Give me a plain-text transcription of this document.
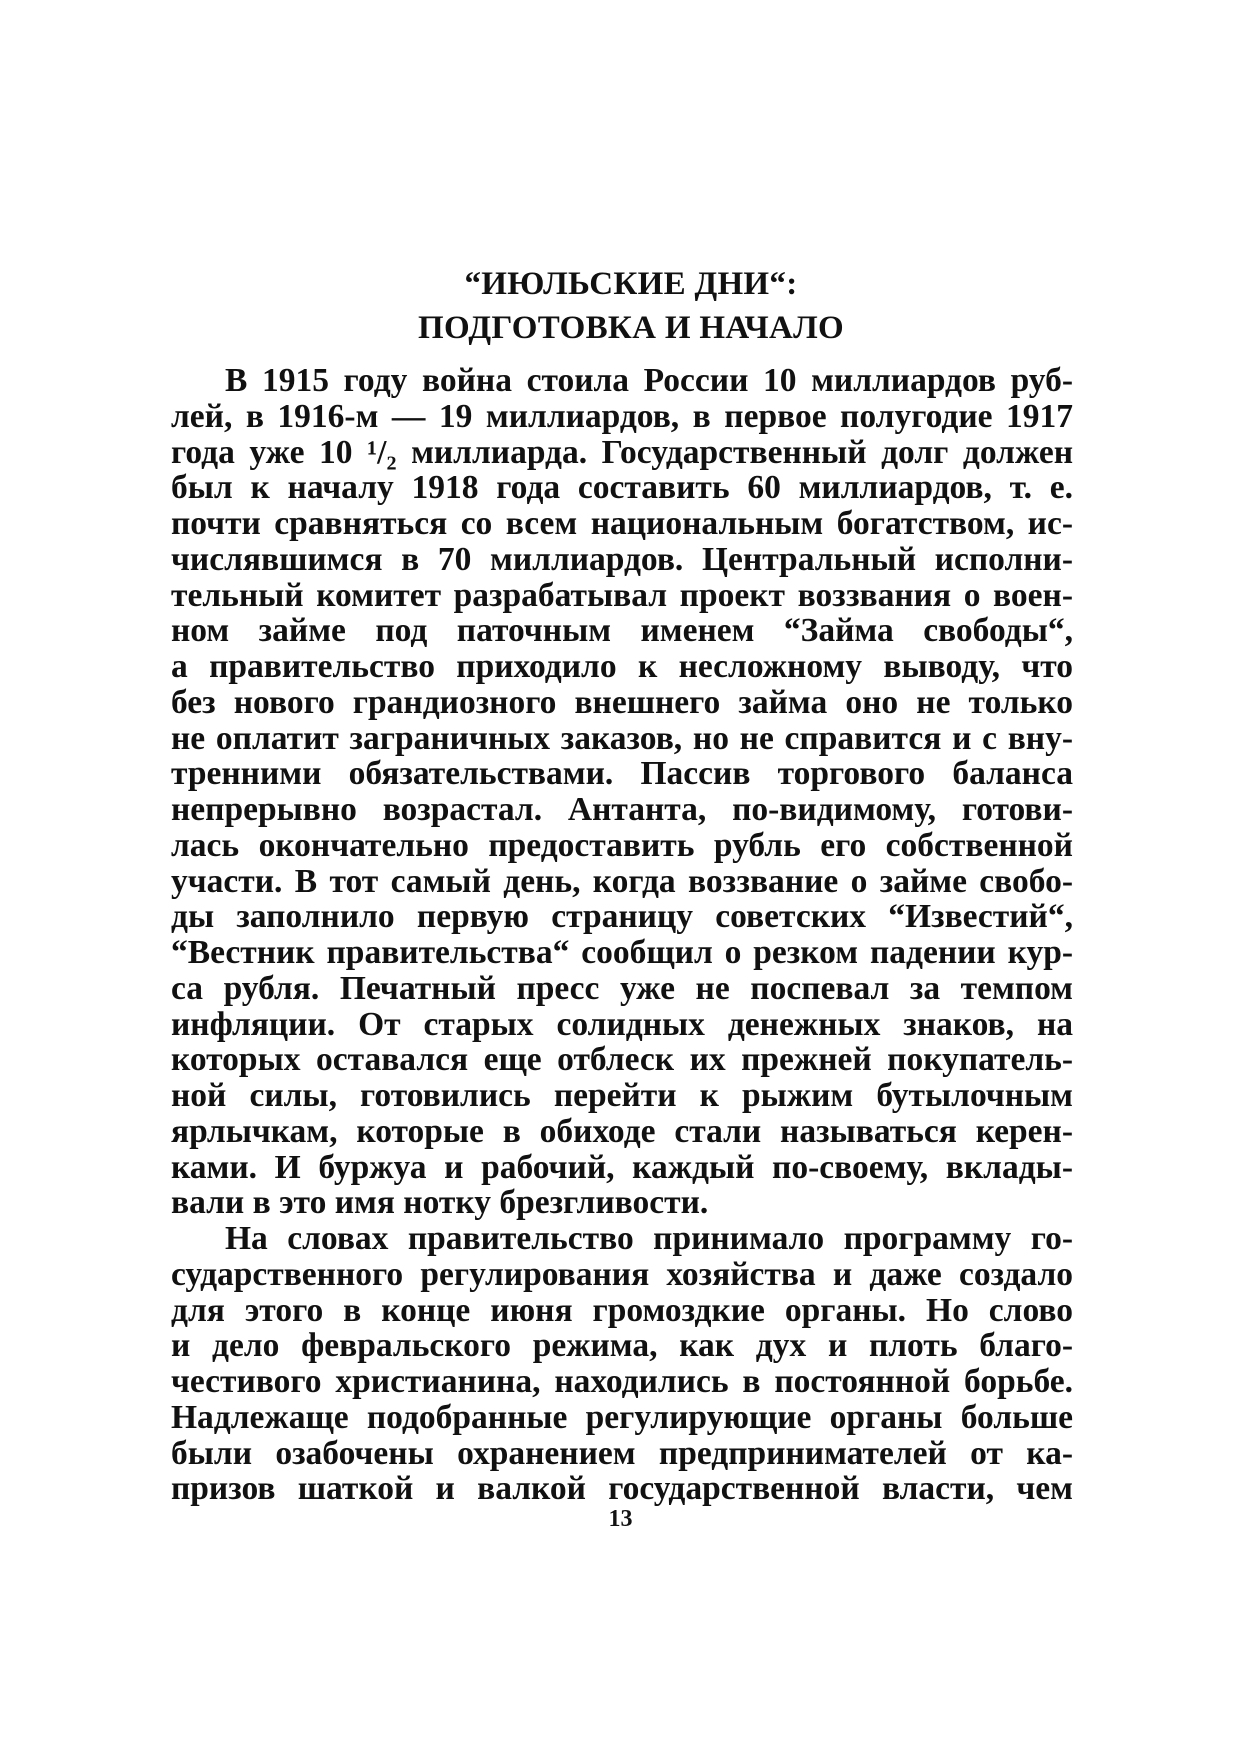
“ИЮЛЬСКИЕ ДНИ“:
ПОДГОТОВКА И НАЧАЛО
В 1915 году война стоила России 10 миллиардов руб-
лей, в 1916-м — 19 миллиардов, в первое полугодие 1917
года уже 10 ¹/₂ миллиарда. Государственный долг должен
был к началу 1918 года составить 60 миллиардов, т. е.
почти сравняться со всем национальным богатством, ис-
числявшимся в 70 миллиардов. Центральный исполни-
тельный комитет разрабатывал проект воззвания о воен-
ном займе под паточным именем “Займа свободы“,
а правительство приходило к несложному выводу, что
без нового грандиозного внешнего займа оно не только
не оплатит заграничных заказов, но не справится и с вну-
тренними обязательствами. Пассив торгового баланса
непрерывно возрастал. Антанта, по-видимому, готови-
лась окончательно предоставить рубль его собственной
участи. В тот самый день, когда воззвание о займе свобо-
ды заполнило первую страницу советских “Известий“,
“Вестник правительства“ сообщил о резком падении кур-
са рубля. Печатный пресс уже не поспевал за темпом
инфляции. От старых солидных денежных знаков, на
которых оставался еще отблеск их прежней покупатель-
ной силы, готовились перейти к рыжим бутылочным
ярлычкам, которые в обиходе стали называться керен-
ками. И буржуа и рабочий, каждый по-своему, вклады-
вали в это имя нотку брезгливости.
На словах правительство принимало программу го-
сударственного регулирования хозяйства и даже создало
для этого в конце июня громоздкие органы. Но слово
и дело февральского режима, как дух и плоть благо-
честивого христианина, находились в постоянной борьбе.
Надлежаще подобранные регулирующие органы больше
были озабочены охранением предпринимателей от ка-
призов шаткой и валкой государственной власти, чем
13
